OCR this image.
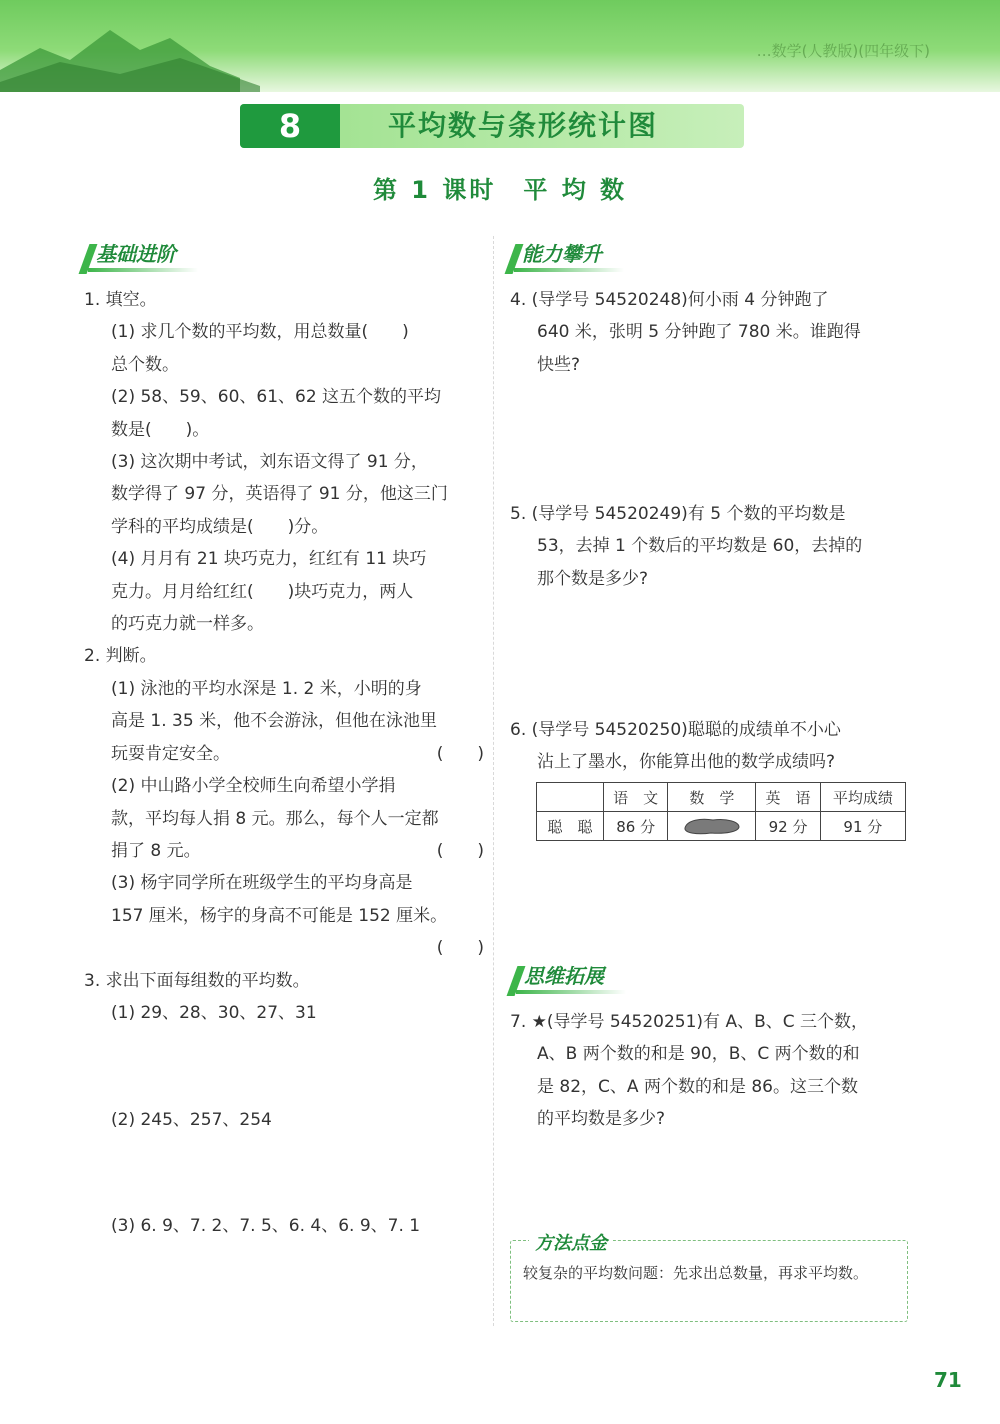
…数学(人教版)(四年级下)
8	平均数与条形统计图
第 1 课时　平 均 数
基础进阶

1. 填空。

(1) 求几个数的平均数，用总数量(　　)

总个数。

(2) 58、59、60、61、62 这五个数的平均

数是(　　)。

(3) 这次期中考试，刘东语文得了 91 分，

数学得了 97 分，英语得了 91 分，他这三门

学科的平均成绩是(　　)分。

(4) 月月有 21 块巧克力，红红有 11 块巧

克力。月月给红红(　　)块巧克力，两人

的巧克力就一样多。

2. 判断。

(1) 泳池的平均水深是 1. 2 米，小明的身

高是 1. 35 米，他不会游泳，但他在泳池里

玩耍肯定安全。	(　　)

(2) 中山路小学全校师生向希望小学捐

款，平均每人捐 8 元。那么，每个人一定都

捐了 8 元。	(　　)

(3) 杨宇同学所在班级学生的平均身高是

157 厘米，杨宇的身高不可能是 152 厘米。

(　　)

3. 求出下面每组数的平均数。

(1) 29、28、30、27、31

(2) 245、257、254

(3) 6. 9、7. 2、7. 5、6. 4、6. 9、7. 1

能力攀升

4. (导学号 54520248)何小雨 4 分钟跑了

640 米，张明 5 分钟跑了 780 米。谁跑得

快些?

5. (导学号 54520249)有 5 个数的平均数是

53，去掉 1 个数后的平均数是 60，去掉的

那个数是多少?

6. (导学号 54520250)聪聪的成绩单不小心

沾上了墨水，你能算出他的数学成绩吗?

	语　文	数　学	英　语	平均成绩
聪　聪	86 分		92 分	91 分
思维拓展

7. ★(导学号 54520251)有 A、B、C 三个数，

A、B 两个数的和是 90，B、C 两个数的和

是 82，C、A 两个数的和是 86。这三个数

的平均数是多少?

方法点金
较复杂的平均数问题：先求出总数量，再求平均数。
71
